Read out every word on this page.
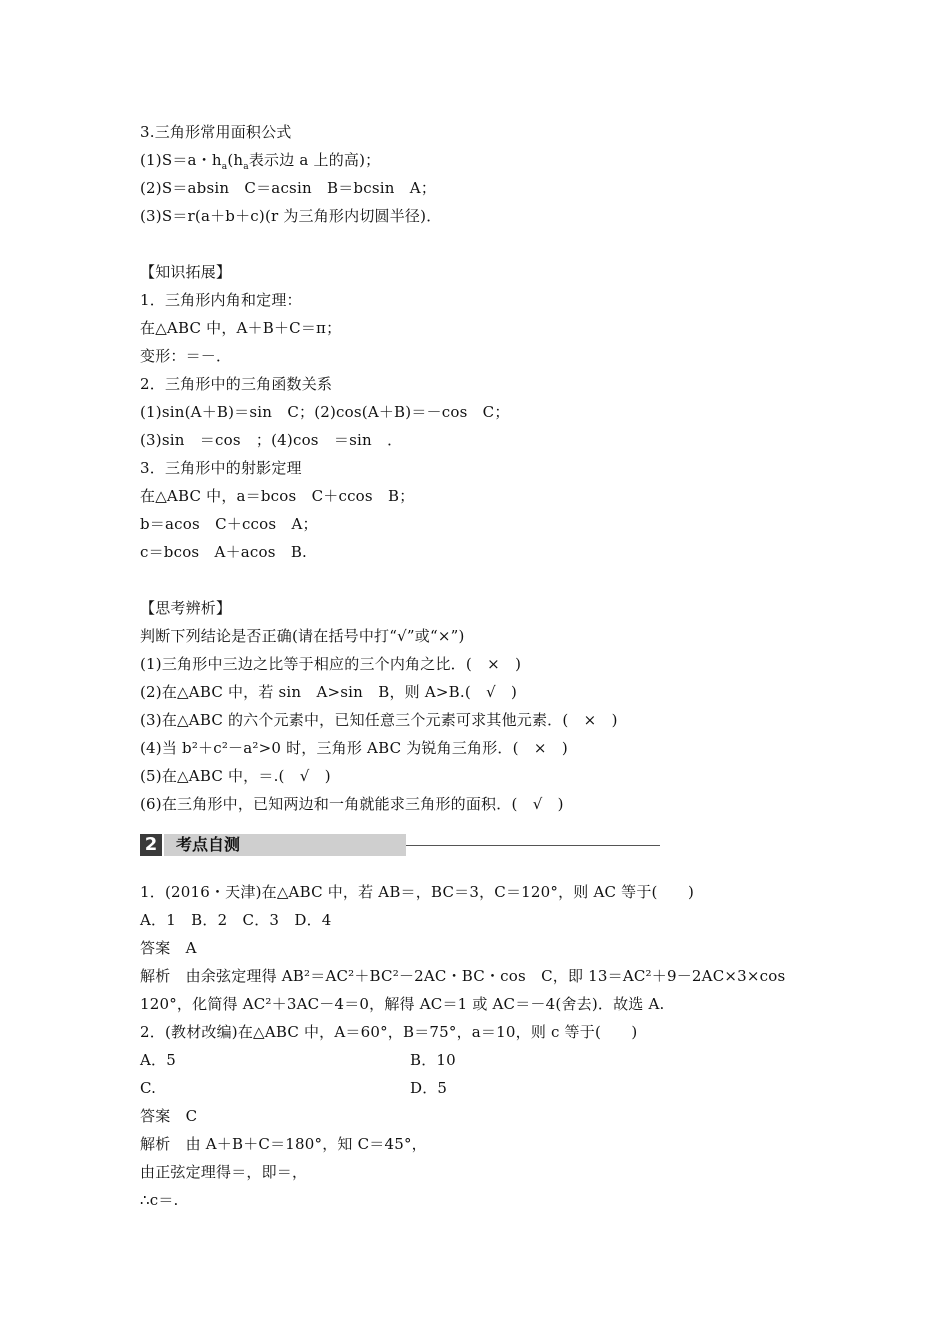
3.三角形常用面积公式
(1)S＝a・$h_a(h_a$表示边 a 上的高)；
(2)S＝absin　C＝acsin　B＝bcsin　A；
(3)S＝r(a＋b＋c)(r 为三角形内切圆半径)．
【知识拓展】
1．三角形内角和定理：
在△ABC 中，A＋B＋C＝π；
变形：＝－．
2．三角形中的三角函数关系
(1)sin(A＋B)＝sin　C；(2)cos(A＋B)＝－cos　C；
(3)sin　＝cos　；(4)cos　＝sin　．
3．三角形中的射影定理
在△ABC 中，a＝bcos　C＋ccos　B；
b＝acos　C＋ccos　A；
c＝bcos　A＋acos　B.
【思考辨析】
判断下列结论是否正确(请在括号中打“√”或“×”)
(1)三角形中三边之比等于相应的三个内角之比．(　×　)
(2)在△ABC 中，若 sin　A>sin　B，则 A>B.(　√　)
(3)在△ABC 的六个元素中，已知任意三个元素可求其他元素．(　×　)
(4)当 b²＋c²－a²>0 时，三角形 ABC 为锐角三角形．(　×　)
(5)在△ABC 中，＝.(　√　)
(6)在三角形中，已知两边和一角就能求三角形的面积．(　√　)
2	考点自测
1．(2016・天津)在△ABC 中，若 AB＝，BC＝3，C＝120°，则 AC 等于(　　)
A．1　B．2　C．3　D．4
答案　A
解析　由余弦定理得 AB²＝AC²＋BC²－2AC・BC・cos　C，即 13＝AC²＋9－2AC×3×cos
120°，化简得 AC²＋3AC－4＝0，解得 AC＝1 或 AC＝－4(舍去)．故选 A.
2．(教材改编)在△ABC 中，A＝60°，B＝75°，a＝10，则 c 等于(　　)
A．5	B．10
C.	D．5
答案　C
解析　由 A＋B＋C＝180°，知 C＝45°，
由正弦定理得＝，即＝，
∴c＝.
